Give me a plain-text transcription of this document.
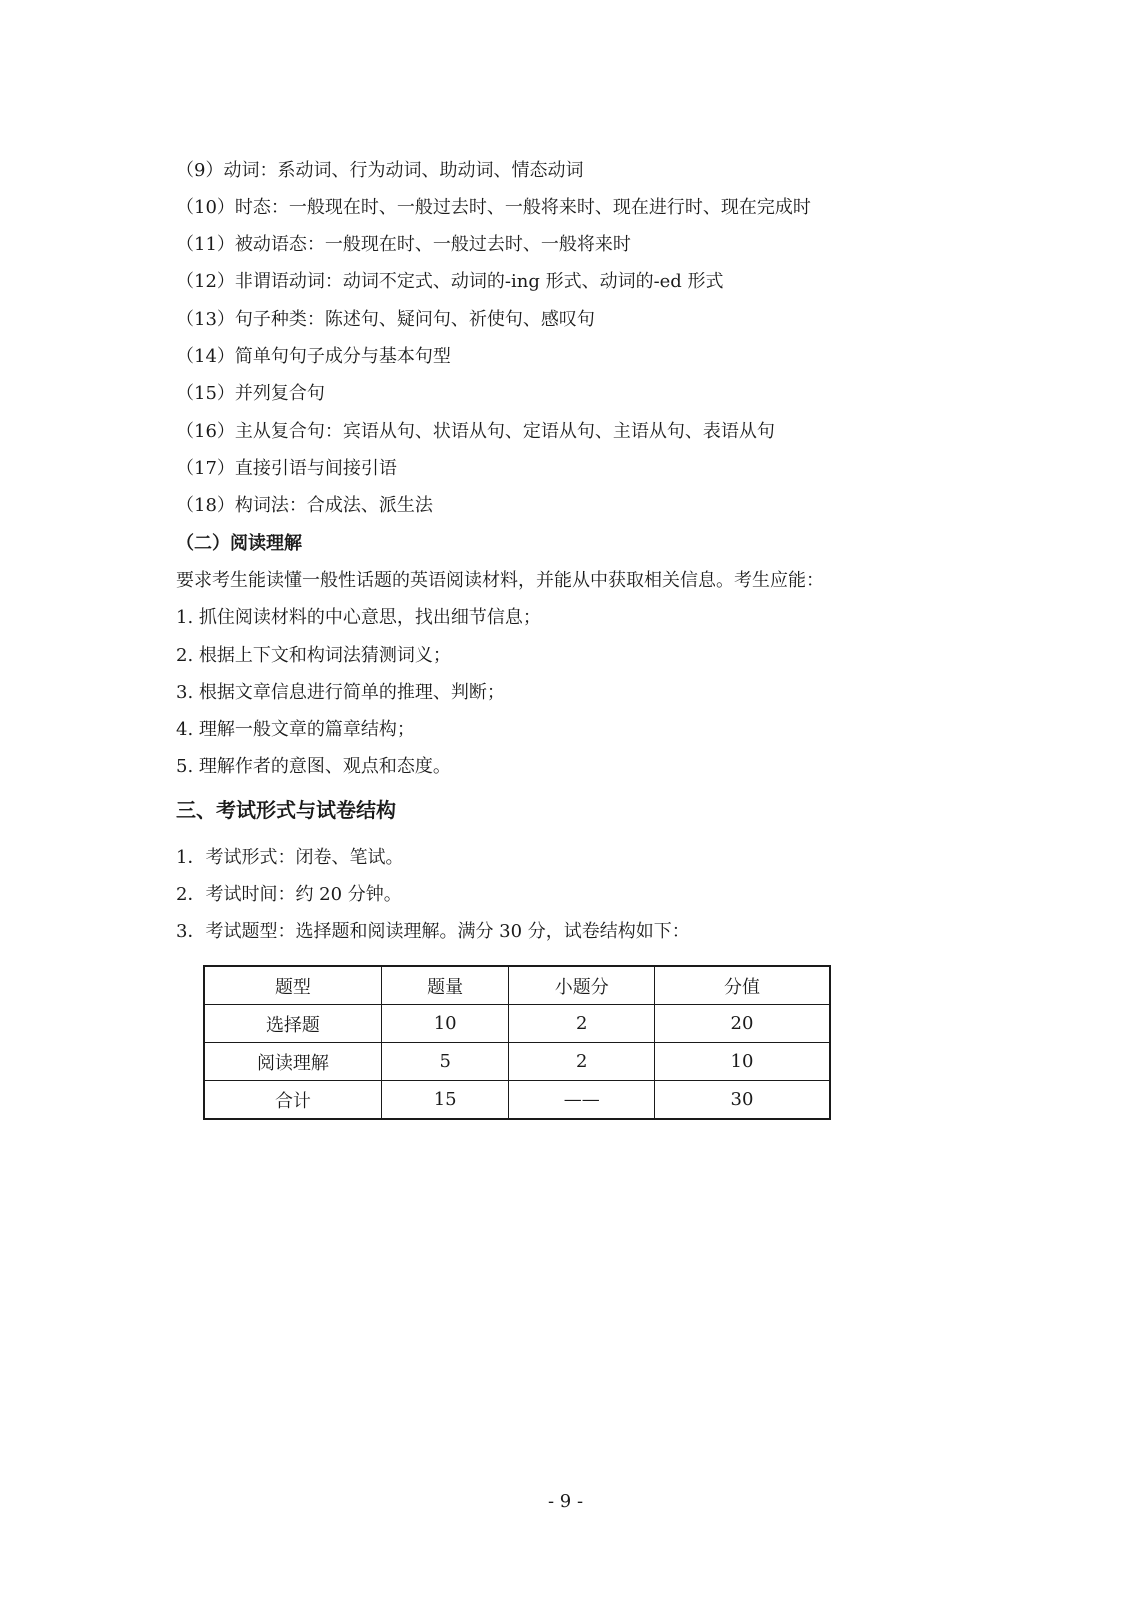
（9）动词：系动词、行为动词、助动词、情态动词
（10）时态：一般现在时、一般过去时、一般将来时、现在进行时、现在完成时
（11）被动语态：一般现在时、一般过去时、一般将来时
（12）非谓语动词：动词不定式、动词的-ing 形式、动词的-ed 形式
（13）句子种类：陈述句、疑问句、祈使句、感叹句
（14）简单句句子成分与基本句型
（15）并列复合句
（16）主从复合句：宾语从句、状语从句、定语从句、主语从句、表语从句
（17）直接引语与间接引语
（18）构词法：合成法、派生法
（二）阅读理解
要求考生能读懂一般性话题的英语阅读材料，并能从中获取相关信息。考生应能：
1. 抓住阅读材料的中心意思，找出细节信息；
2. 根据上下文和构词法猜测词义；
3. 根据文章信息进行简单的推理、判断；
4. 理解一般文章的篇章结构；
5. 理解作者的意图、观点和态度。
三、考试形式与试卷结构
1．考试形式：闭卷、笔试。
2．考试时间：约 20 分钟。
3．考试题型：选择题和阅读理解。满分 30 分，试卷结构如下：
题型	题量	小题分	分值
选择题	10	2	20
阅读理解	5	2	10
合计	15	——	30
- 9 -
